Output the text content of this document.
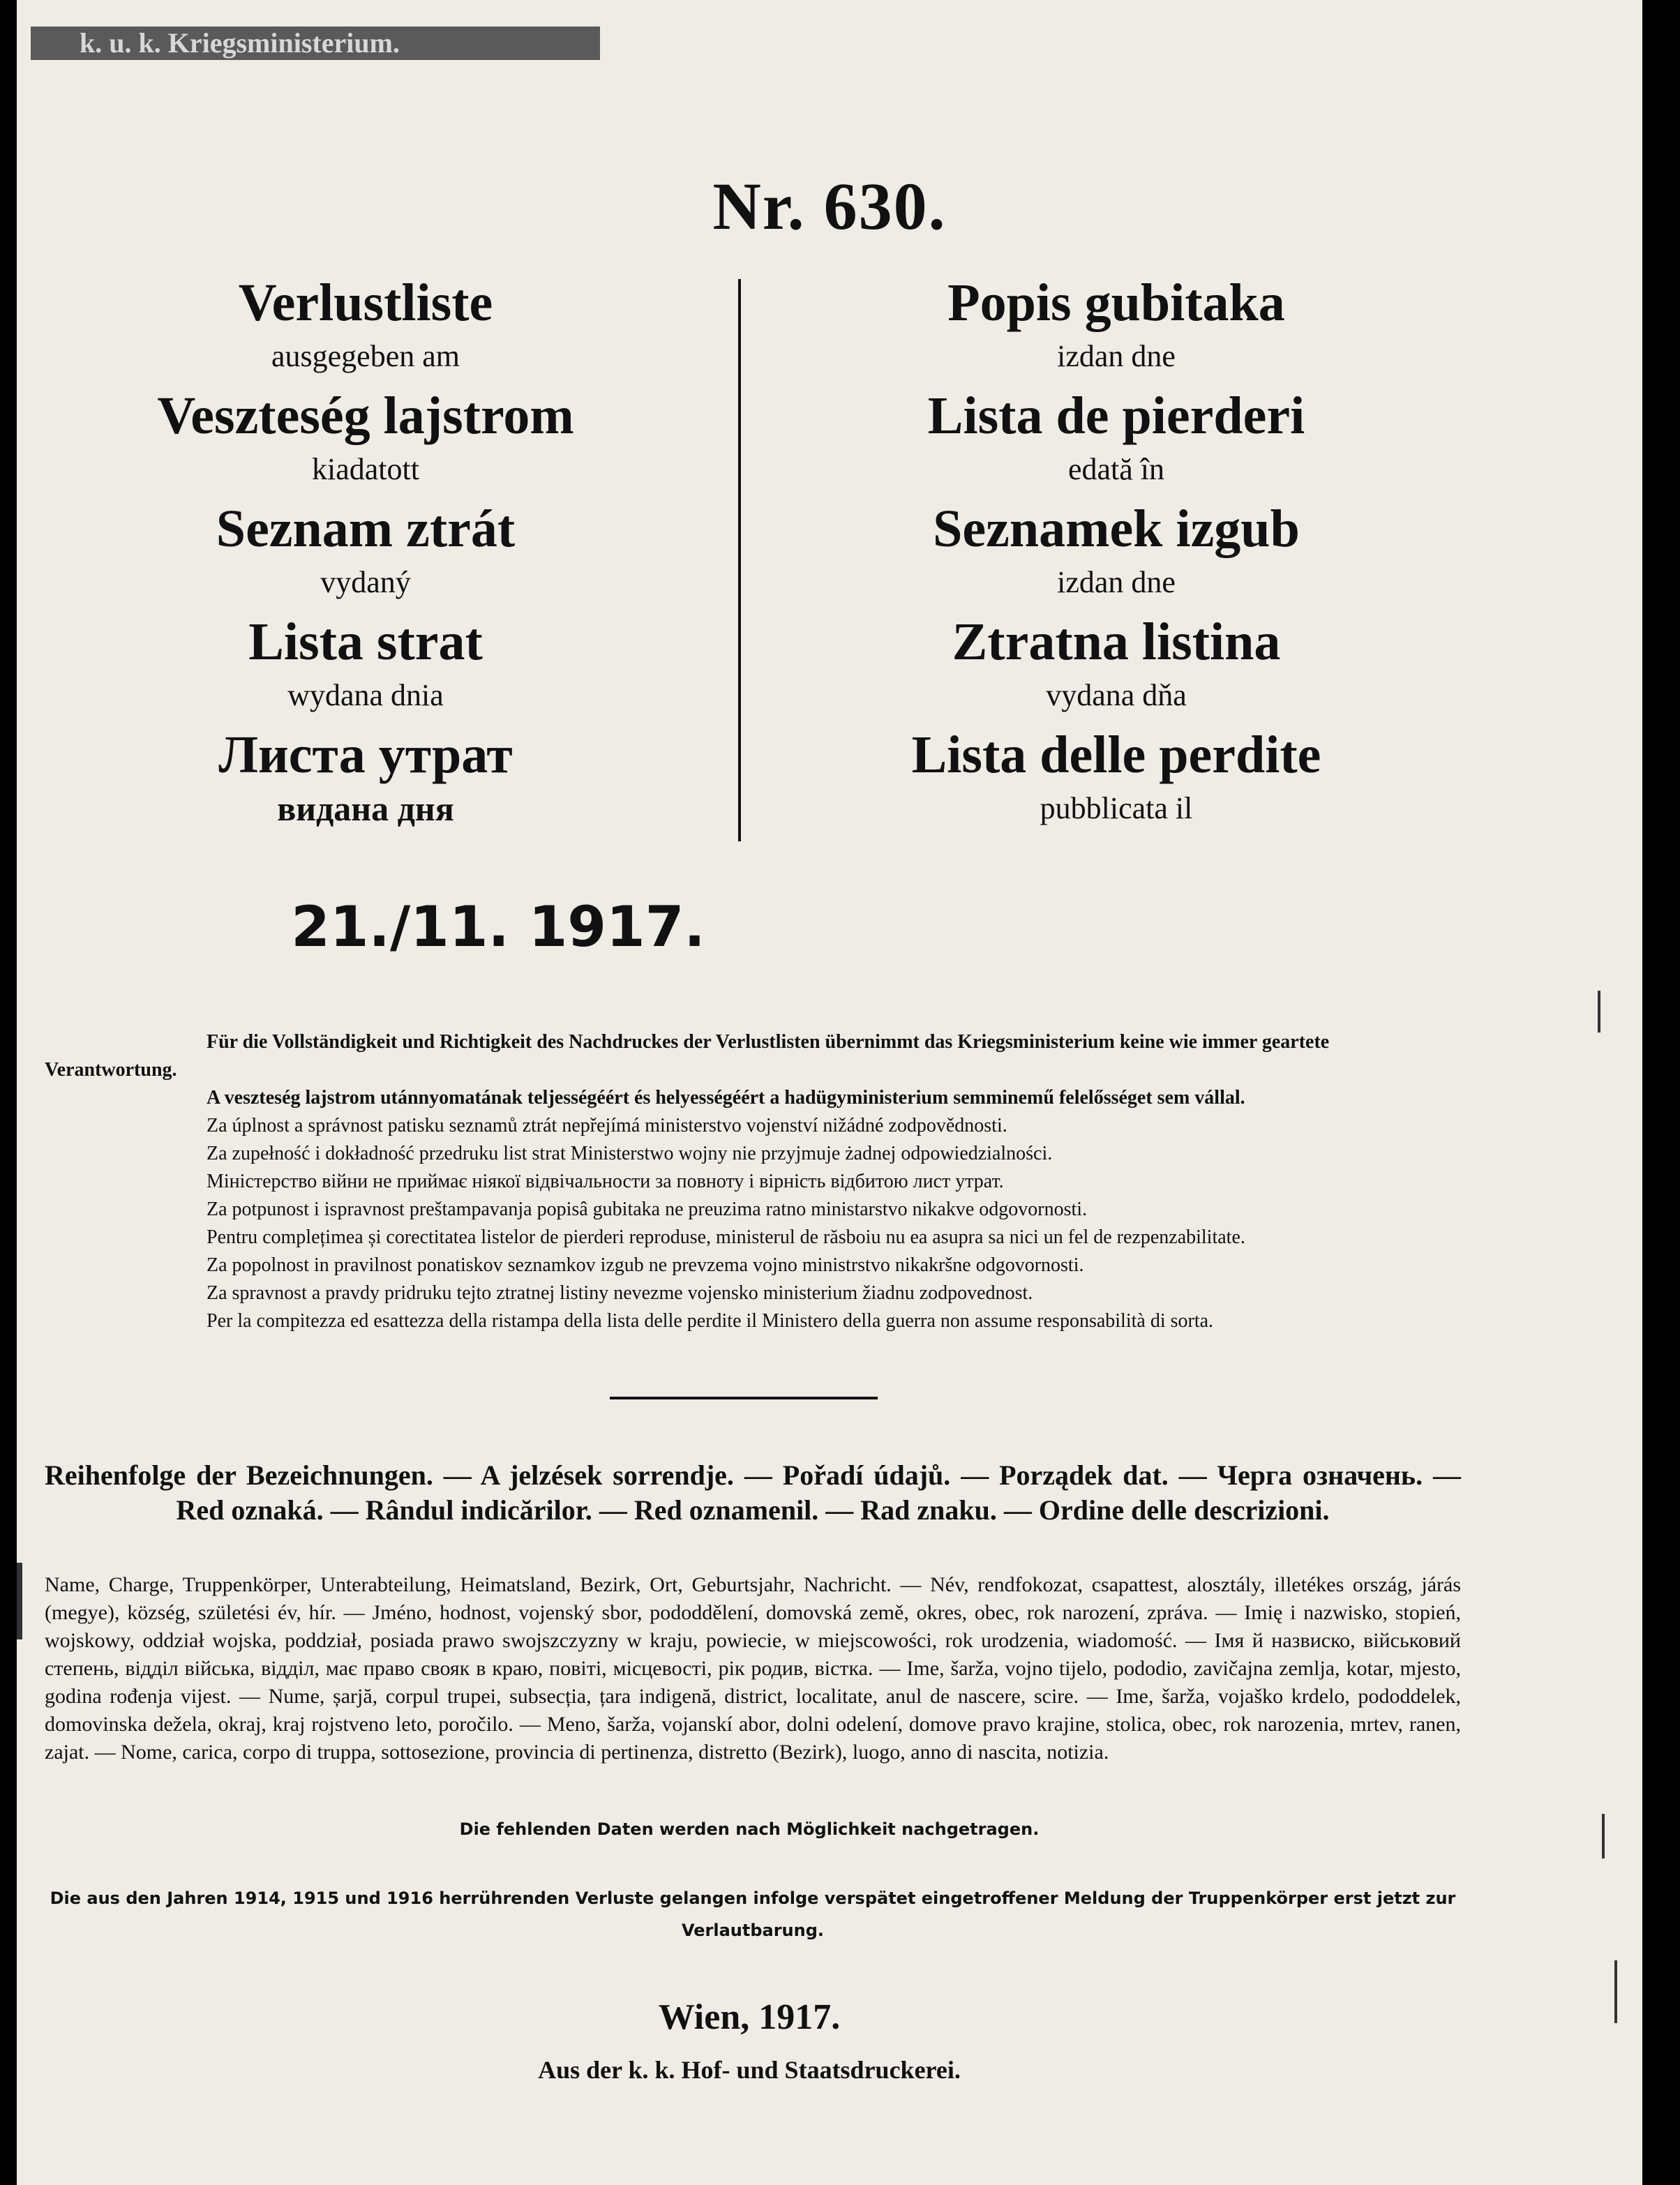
k. u. k. Kriegsministerium.
Nr. 630.
Verlustliste
ausgegeben am
Veszteség lajstrom
kiadatott
Seznam ztrát
vydaný
Lista strat
wydana dnia
Листа утрат
видана дня
Popis gubitaka
izdan dne
Lista de pierderi
edată în
Seznamek izgub
izdan dne
Ztratna listina
vydana dňa
Lista delle perdite
pubblicata il
21./11. 1917.

Für die Vollständigkeit und Richtigkeit des Nachdruckes der Verlustlisten übernimmt das Kriegsministerium keine wie immer geartete Verantwortung.

A veszteség lajstrom utánnyomatának teljességéért és helyességéért a hadügyministerium semminemű felelősséget sem vállal.

Za úplnost a správnost patisku seznamů ztrát nepřejímá ministerstvo vojenství nižádné zodpovědnosti.

Za zupełność i dokładność przedruku list strat Ministerstwo wojny nie przyjmuje żadnej odpowiedzialności.

Міністерство війни не приймає ніякої відвічальности за повноту і вірність відбитою лист утрат.

Za potpunost i ispravnost preštampavanja popisâ gubitaka ne preuzima ratno ministarstvo nikakve odgovornosti.

Pentru complețimea și corectitatea listelor de pierderi reproduse, ministerul de răsboiu nu ea asupra sa nici un fel de rezpenzabilitate.

Za popolnost in pravilnost ponatiskov seznamkov izgub ne prevzema vojno ministrstvo nikakršne odgovornosti.

Za spravnost a pravdy pridruku tejto ztratnej listiny nevezme vojensko ministerium žiadnu zodpovednost.

Per la compitezza ed esattezza della ristampa della lista delle perdite il Ministero della guerra non assume responsabilità di sorta.

Reihenfolge der Bezeichnungen. — A jelzések sorrendje. — Pořadí údajů. — Porządek dat. — Черга означень. — Red oznaká. — Rândul indicărilor. — Red oznamenil. — Rad znaku. — Ordine delle descrizioni.
Name, Charge, Truppenkörper, Unterabteilung, Heimatsland, Bezirk, Ort, Geburtsjahr, Nachricht. — Név, rendfokozat, csapattest, alosztály, illetékes ország, járás (megye), község, születési év, hír. — Jméno, hodnost, vojenský sbor, pododdělení, domovská země, okres, obec, rok narození, zpráva. — Imię i nazwisko, stopień, wojskowy, oddział wojska, poddział, posiada prawo swojszczyzny w kraju, powiecie, w miejscowości, rok urodzenia, wiadomość. — Імя й назвиско, військовий степень, відділ війська, відділ, має право свояк в краю, повіті, місцевості, рік родив, вістка. — Ime, šarža, vojno tijelo, pododio, zavičajna zemlja, kotar, mjesto, godina rođenja vijest. — Nume, șarjă, corpul trupei, subsecția, țara indigenă, district, localitate, anul de nascere, scire. — Ime, šarža, vojaško krdelo, pododdelek, domovinska dežela, okraj, kraj rojstveno leto, poročilo. — Meno, šarža, vojanskí abor, dolni odelení, domove pravo krajine, stolica, obec, rok narozenia, mrtev, ranen, zajat. — Nome, carica, corpo di truppa, sottosezione, provincia di pertinenza, distretto (Bezirk), luogo, anno di nascita, notizia.
Die fehlenden Daten werden nach Möglichkeit nachgetragen.
Die aus den Jahren 1914, 1915 und 1916 herrührenden Verluste gelangen infolge verspätet eingetroffener Meldung der Truppenkörper erst jetzt zur Verlautbarung.
Wien, 1917.
Aus der k. k. Hof- und Staatsdruckerei.
